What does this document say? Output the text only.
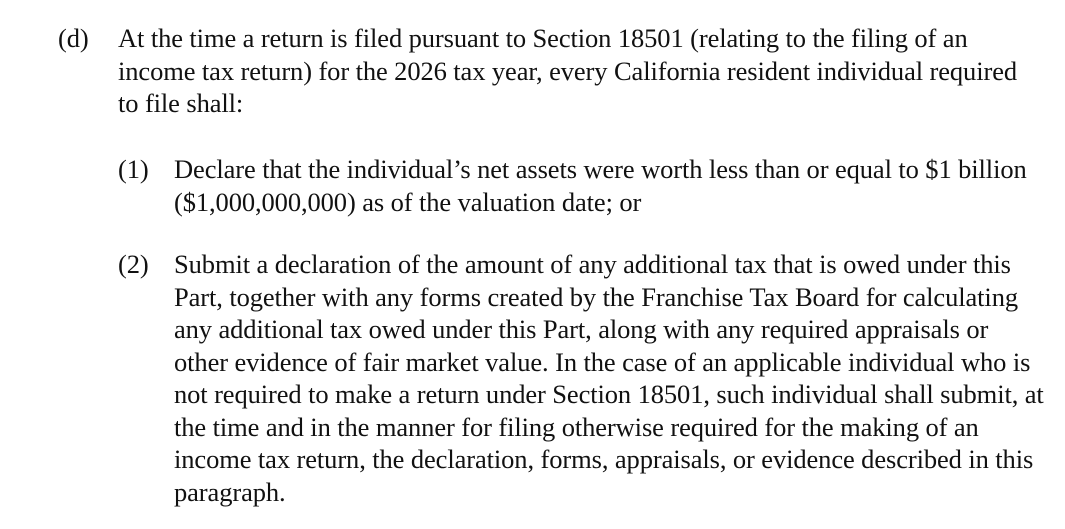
(d)	At the time a return is filed pursuant to Section 18501 (relating to the filing of an income tax return) for the 2026 tax year, every California resident individual required to file shall:
(1) Declare that the individual’s net assets were worth less than or equal to $1 billion ($1,000,000,000) as of the valuation date; or
(2) Submit a declaration of the amount of any additional tax that is owed under this Part, together with any forms created by the Franchise Tax Board for calculating any additional tax owed under this Part, along with any required appraisals or other evidence of fair market value. In the case of an applicable individual who is not required to make a return under Section 18501, such individual shall submit, at the time and in the manner for filing otherwise required for the making of an income tax return, the declaration, forms, appraisals, or evidence described in this paragraph.
